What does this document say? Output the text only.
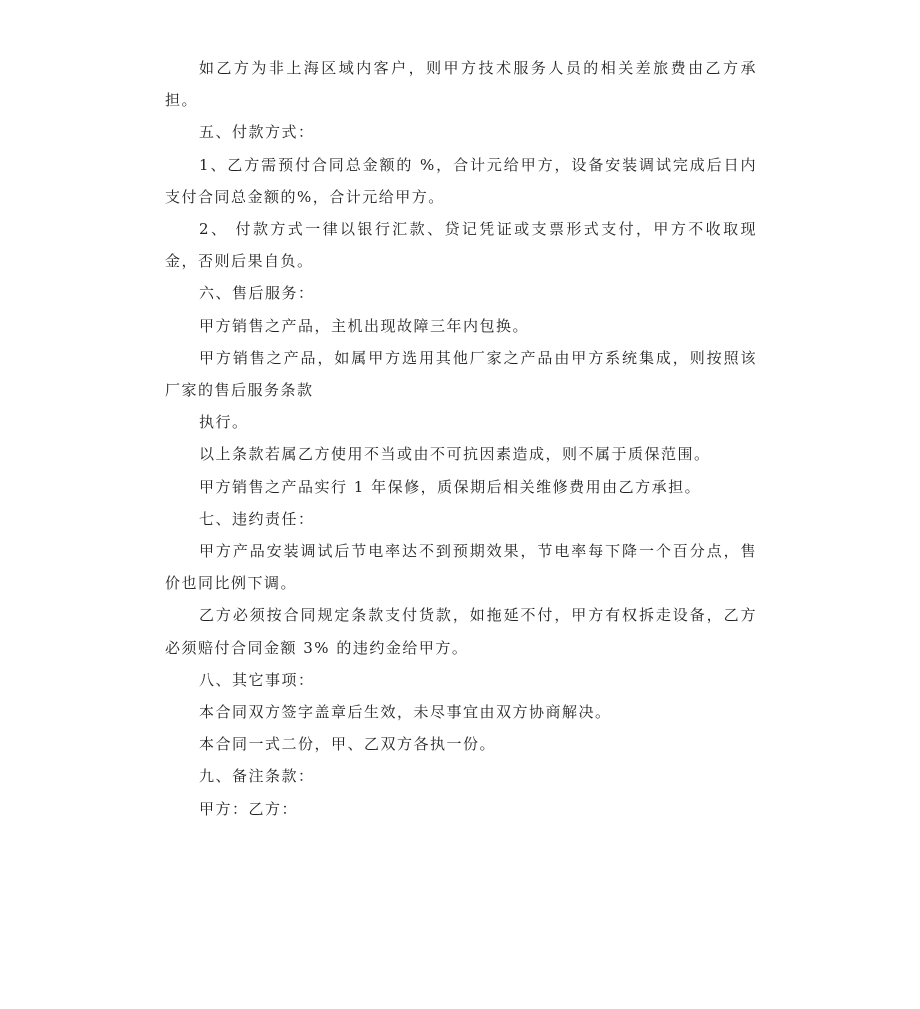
如乙方为非上海区域内客户，则甲方技术服务人员的相关差旅费由乙方承担。

五、付款方式：

1、乙方需预付合同总金额的 %，合计元给甲方，设备安装调试完成后日内支付合同总金额的%，合计元给甲方。

2、 付款方式一律以银行汇款、贷记凭证或支票形式支付，甲方不收取现金，否则后果自负。

六、售后服务：

甲方销售之产品，主机出现故障三年内包换。

甲方销售之产品，如属甲方选用其他厂家之产品由甲方系统集成，则按照该厂家的售后服务条款

执行。

以上条款若属乙方使用不当或由不可抗因素造成，则不属于质保范围。

甲方销售之产品实行 1 年保修，质保期后相关维修费用由乙方承担。

七、违约责任：

甲方产品安装调试后节电率达不到预期效果，节电率每下降一个百分点，售价也同比例下调。

乙方必须按合同规定条款支付货款，如拖延不付，甲方有权拆走设备，乙方必须赔付合同金额 3% 的违约金给甲方。

八、其它事项：

本合同双方签字盖章后生效，未尽事宜由双方协商解决。

本合同一式二份，甲、乙双方各执一份。

九、备注条款：

甲方：乙方：
